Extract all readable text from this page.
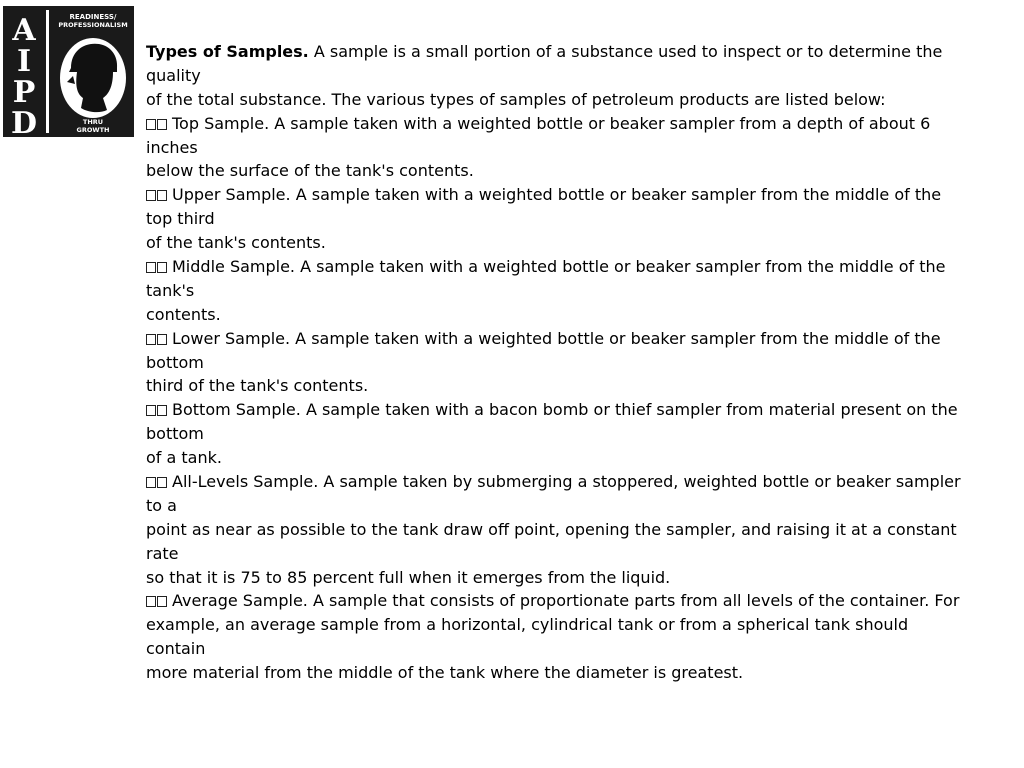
A
I
P
D
READINESS/
PROFESSIONALISM
THRU
GROWTH
Types of Samples. A sample is a small portion of a substance used to inspect or to determine the
quality
of the total substance. The various types of samples of petroleum products are listed below:
Top Sample. A sample taken with a weighted bottle or beaker sampler from a depth of about 6
inches
below the surface of the tank's contents.
Upper Sample. A sample taken with a weighted bottle or beaker sampler from the middle of the
top third
of the tank's contents.
Middle Sample. A sample taken with a weighted bottle or beaker sampler from the middle of the
tank's
contents.
Lower Sample. A sample taken with a weighted bottle or beaker sampler from the middle of the
bottom
third of the tank's contents.
Bottom Sample. A sample taken with a bacon bomb or thief sampler from material present on the
bottom
of a tank.
All-Levels Sample. A sample taken by submerging a stoppered, weighted bottle or beaker sampler
to a
point as near as possible to the tank draw off point, opening the sampler, and raising it at a constant
rate
so that it is 75 to 85 percent full when it emerges from the liquid.
Average Sample. A sample that consists of proportionate parts from all levels of the container. For
example, an average sample from a horizontal, cylindrical tank or from a spherical tank should
contain
more material from the middle of the tank where the diameter is greatest.
